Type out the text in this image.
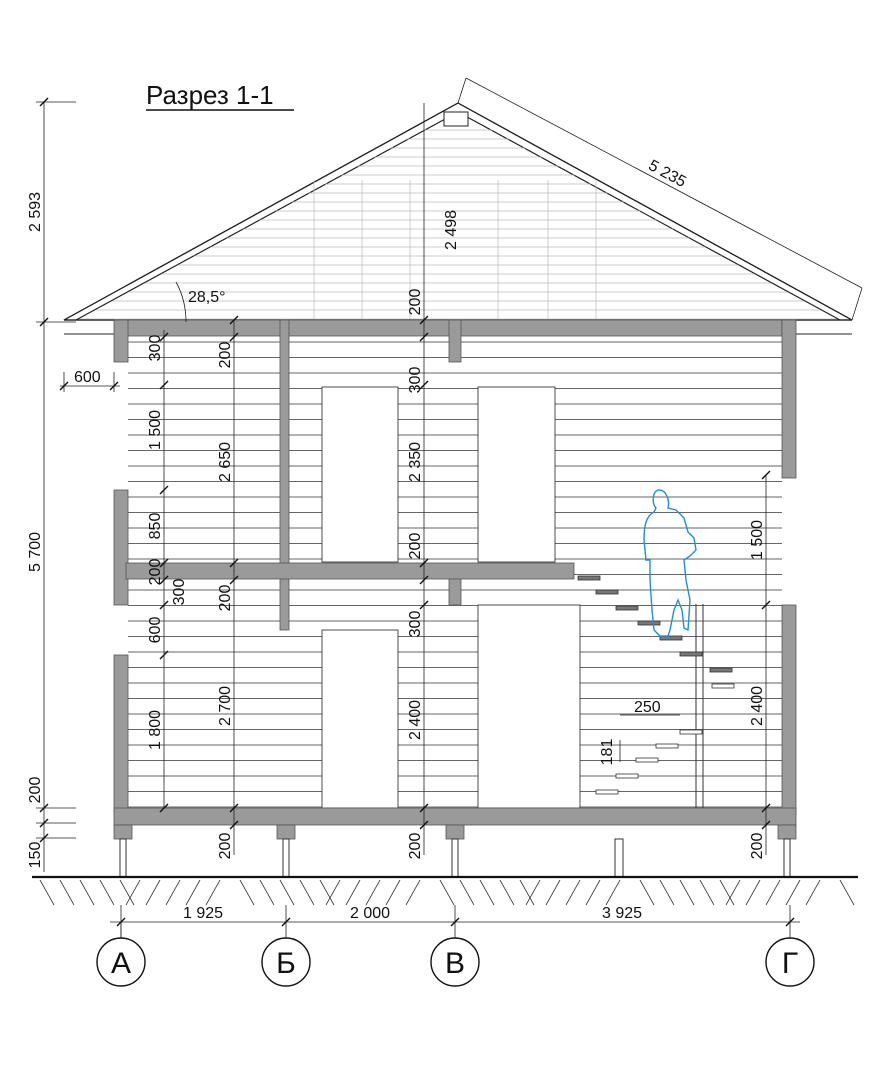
Разрез 1-1
2 498
200
5 235
28,5°
2 593
5 700
600
200
150
300
1 500
850
200
300
600
1 800
200
2 650
200
2 700
200
300
2 350
200
300
2 400
200
1 500
2 400
200
250
181
1 925	2 000	3 925
А	Б	В	Г
